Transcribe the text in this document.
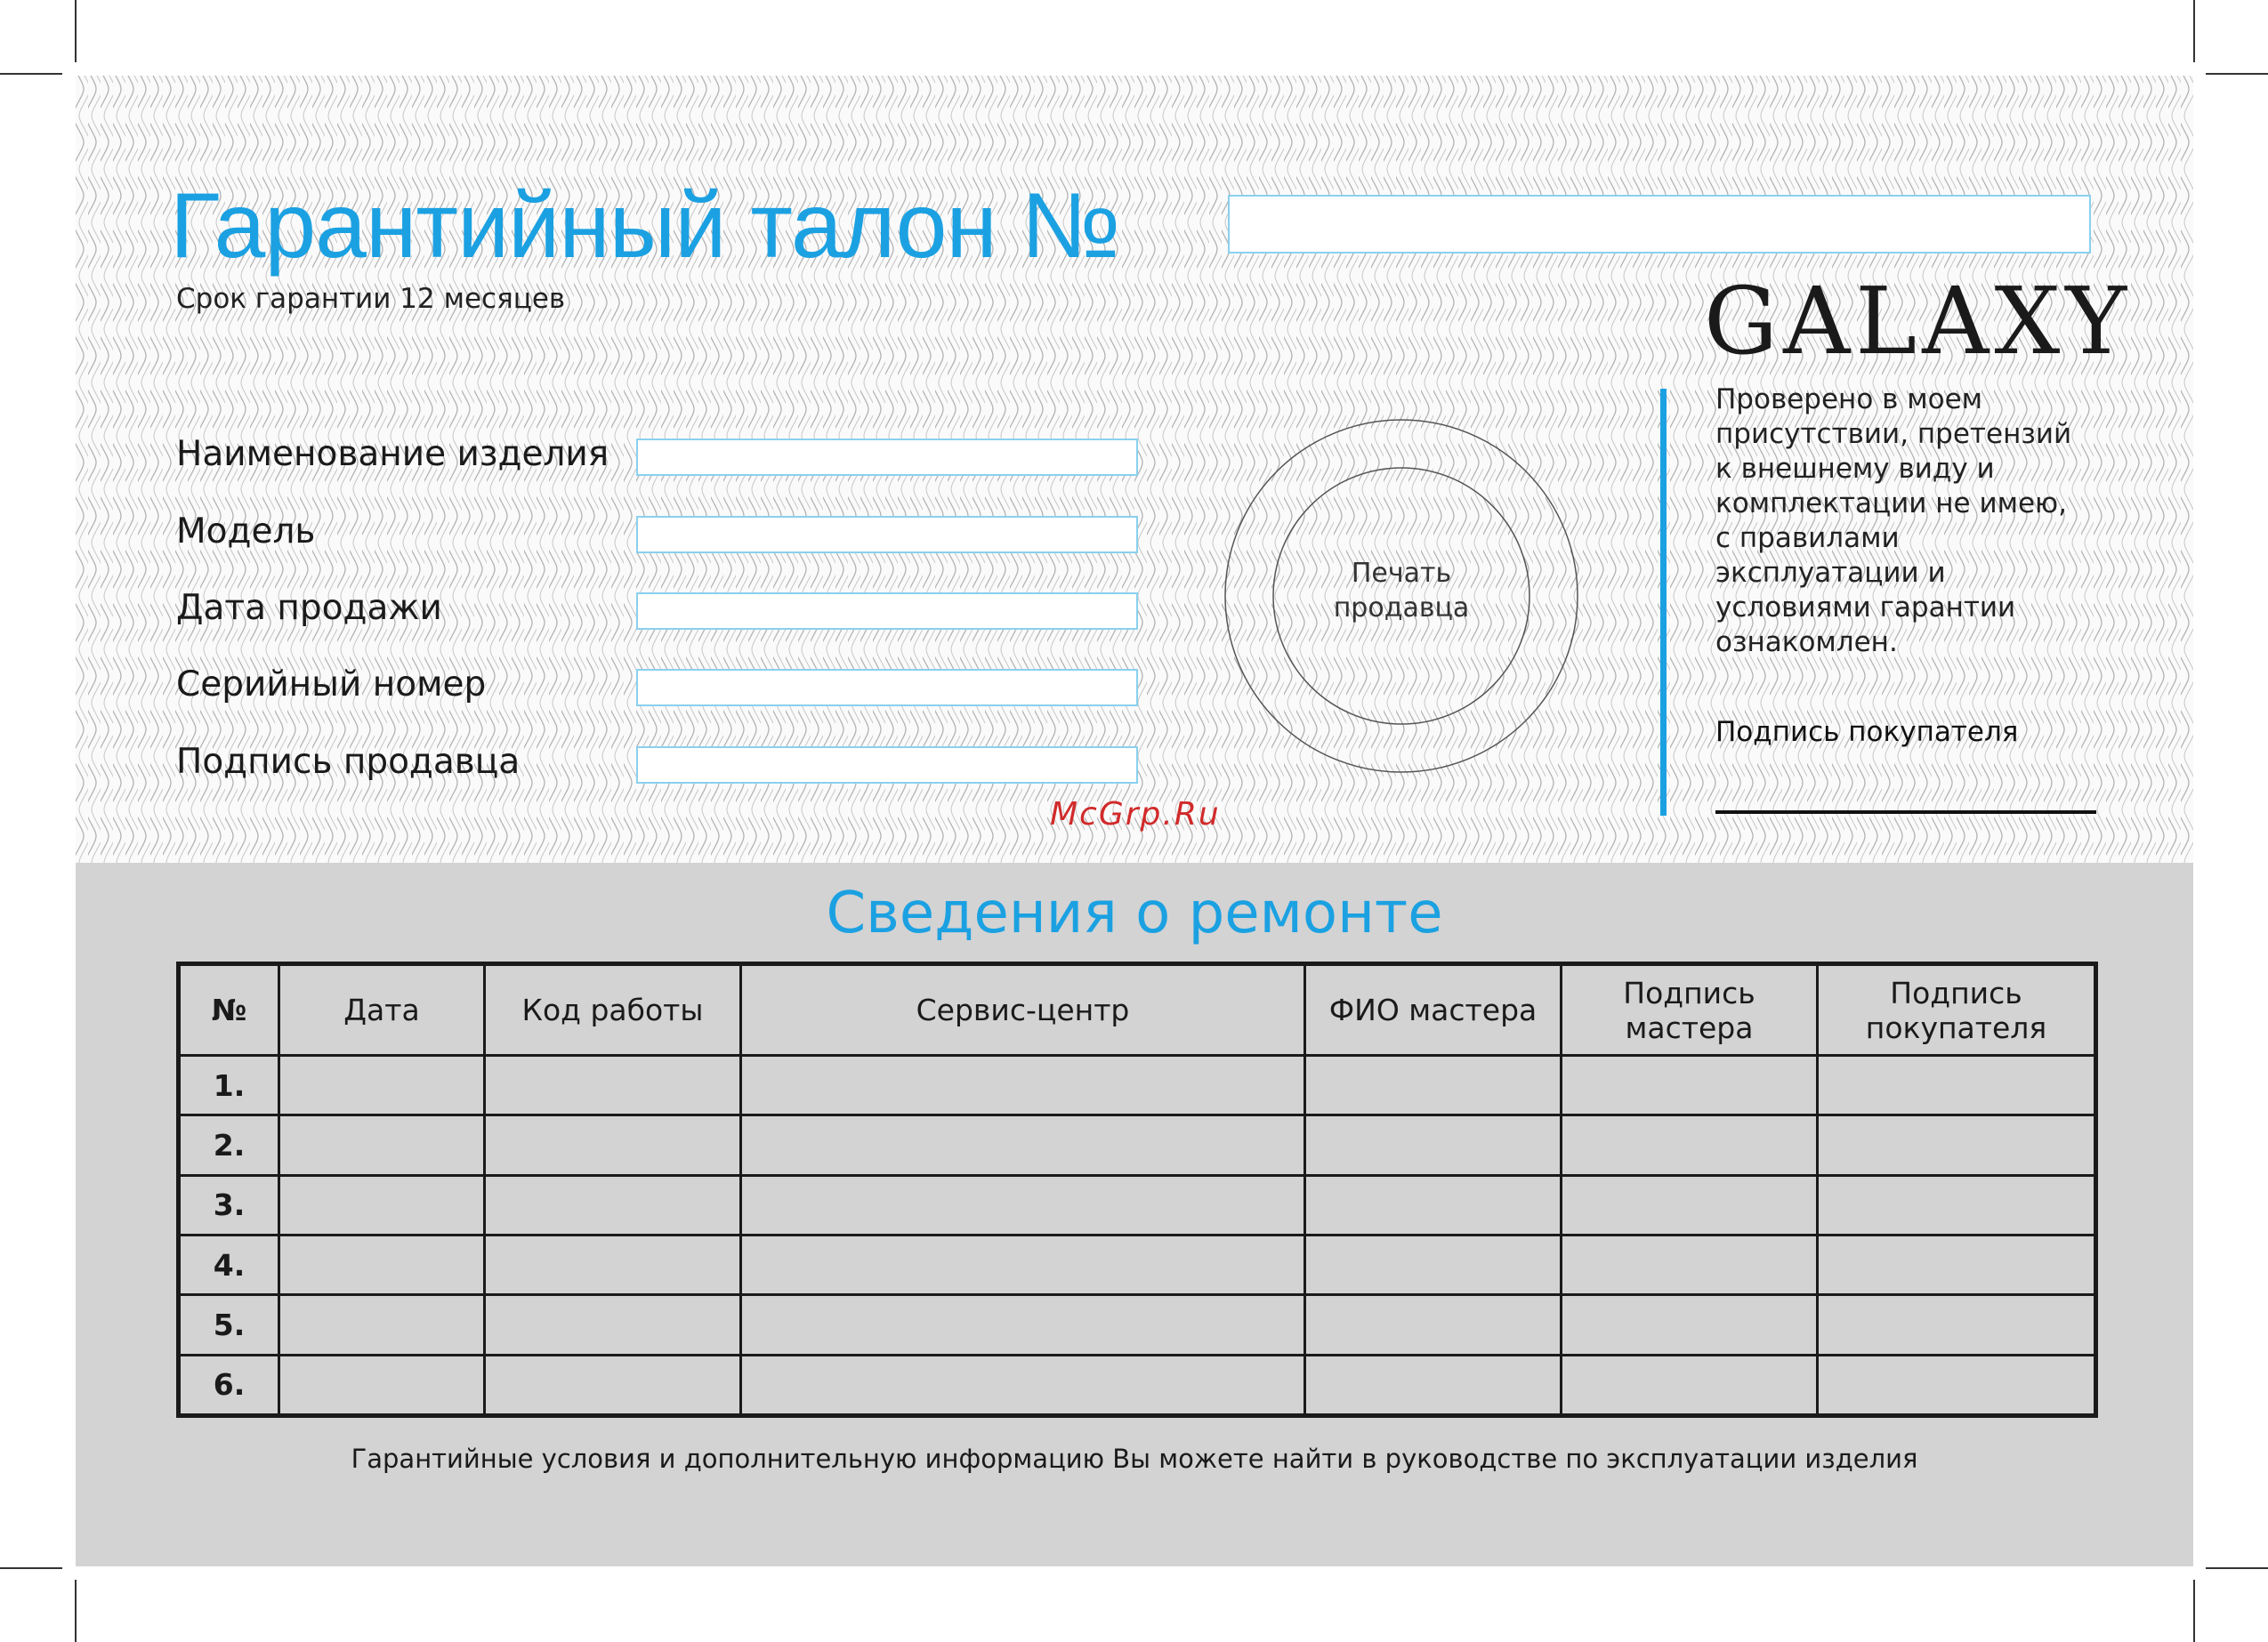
Гарантийный талон №
Срок гарантии 12 месяцев	GALAXY
Наименование изделия
Модель
Дата продажи
Серийный номер
Подпись продавца
Печать
продавца
Проверено в моем присутствии, претензий к внешнему виду и комплектации не имею, с правилами эксплуатации и условиями гарантии ознакомлен.
Подпись покупателя
McGrp.Ru
Сведения о ремонте
№	Дата	Код работы	Сервис-центр	ФИО мастера	Подпись мастера	Подпись покупателя
1.						
2.						
3.						
4.						
5.						
6.						
Гарантийные условия и дополнительную информацию Вы можете найти в руководстве по эксплуатации изделия
